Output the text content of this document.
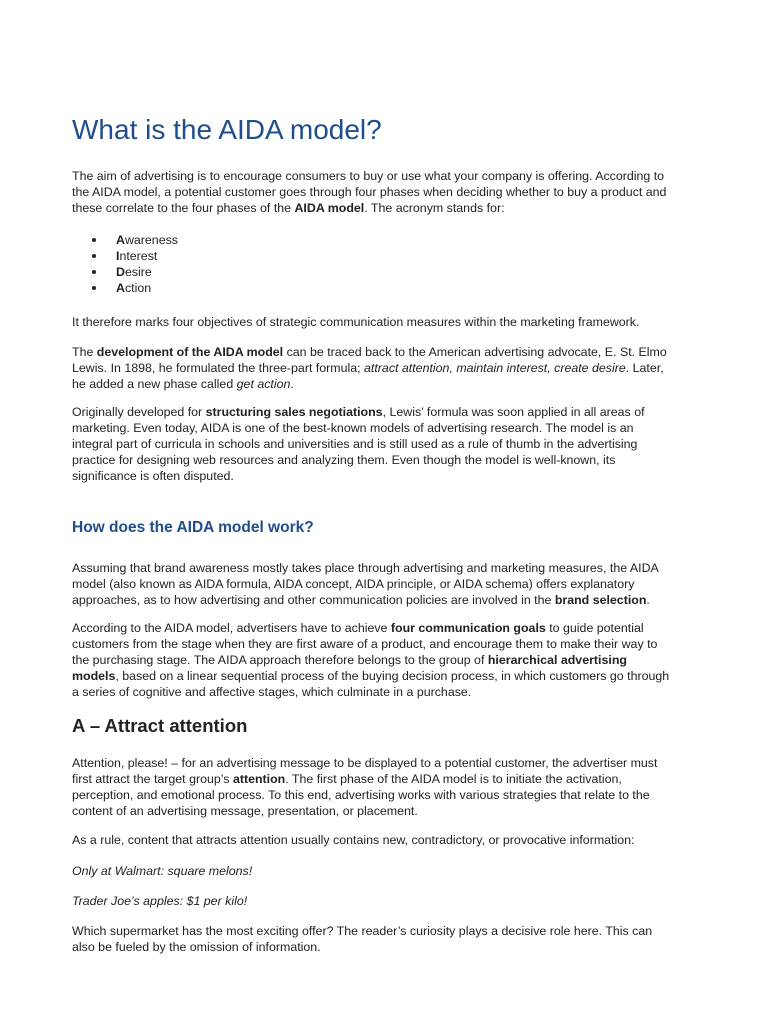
What is the AIDA model?

The aim of advertising is to encourage consumers to buy or use what your company is offering. According to
the AIDA model, a potential customer goes through four phases when deciding whether to buy a product and
these correlate to the four phases of the AIDA model. The acronym stands for:

Awareness
Interest
Desire
Action

It therefore marks four objectives of strategic communication measures within the marketing framework.

The development of the AIDA model can be traced back to the American advertising advocate, E. St. Elmo
Lewis. In 1898, he formulated the three-part formula; attract attention, maintain interest, create desire. Later,
he added a new phase called get action.

Originally developed for structuring sales negotiations, Lewis’ formula was soon applied in all areas of
marketing. Even today, AIDA is one of the best-known models of advertising research. The model is an
integral part of curricula in schools and universities and is still used as a rule of thumb in the advertising
practice for designing web resources and analyzing them. Even though the model is well-known, its
significance is often disputed.

How does the AIDA model work?

Assuming that brand awareness mostly takes place through advertising and marketing measures, the AIDA
model (also known as AIDA formula, AIDA concept, AIDA principle, or AIDA schema) offers explanatory
approaches, as to how advertising and other communication policies are involved in the brand selection.

According to the AIDA model, advertisers have to achieve four communication goals to guide potential
customers from the stage when they are first aware of a product, and encourage them to make their way to
the purchasing stage. The AIDA approach therefore belongs to the group of hierarchical advertising
models, based on a linear sequential process of the buying decision process, in which customers go through
a series of cognitive and affective stages, which culminate in a purchase.

A – Attract attention

Attention, please! – for an advertising message to be displayed to a potential customer, the advertiser must
first attract the target group’s attention. The first phase of the AIDA model is to initiate the activation,
perception, and emotional process. To this end, advertising works with various strategies that relate to the
content of an advertising message, presentation, or placement.

As a rule, content that attracts attention usually contains new, contradictory, or provocative information:

Only at Walmart: square melons!

Trader Joe’s apples: $1 per kilo!

Which supermarket has the most exciting offer? The reader’s curiosity plays a decisive role here. This can
also be fueled by the omission of information.
